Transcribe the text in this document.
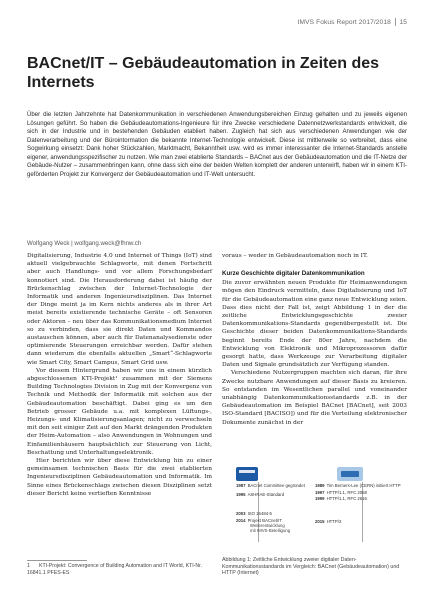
IMVS Fokus Report 2017/2018 15
BACnet/IT – Gebäudeautomation in Zeiten des Internets

Über die letzten Jahrzehnte hat Datenkommunikation in verschiedenen Anwendungsbereichen Einzug gehalten und zu jeweils eigenen Lösungen geführt. So haben die Gebäudeautomations-Ingenieure für ihre Zwecke verschiedene Datennetzwerkstandards entwickelt, die sich in der Industrie und in bestehenden Gebäuden etabliert haben. Zugleich hat sich aus verschiedenen Anwendungen wie der Datenverarbeitung und der Bürointormation die bekannte Internet-Technologie entwickelt. Diese ist mittlerweile so verbreitet, dass eine Sogwirkung einsetzt: Dank hoher Stückzahlen, Marktmacht, Bekanntheit usw. wird es immer interessanter die Internet-Standards anstelle eigener, anwendungsspezifischer zu nutzen. Wie man zwei etablierte Standards – BACnet aus der Gebäudeautomation und die IT-Netze der Gebäude-Nutzer – zusammenbringen kann, ohne dass sich eine der beiden Welten komplett der anderen unterwirft, haben wir in einem KTI-geförderten Projekt zur Konvergenz der Gebäudeautomation und IT-Welt untersucht.

Wolfgang Weck | wolfgang.weck@fhnw.ch

Digitalisierung, Industrie 4.0 und Internet of Things (IoT) sind aktuell vielgebrauchte Schlagworte, mit denen Fortschritt aber auch Handlungs- und vor allem Forschungsbedarf konnotiert sind. Die Herausforderung dabei ist häufig der Brückenschlag zwischen der Internet-Technologie der Informatik und anderen Ingenieursdisziplinen. Das Internet der Dinge meint ja im Kern nichts anderes als in ihrer Art meist bereits existierende technische Geräte – oft Sensoren oder Aktoren – neu über das Kommunikationsmedium Internet so zu verbinden, dass sie direkt Daten und Kommandos austauschen können, aber auch für Datenanalysedienste oder optimierende Steuerungen erreichbar werden. Dafür stehen dann wiederum die ebenfalls aktuellen „Smart“-Schlagworte wie Smart City, Smart Campus, Smart Grid usw.

Vor diesem Hintergrund haben wir uns in einem kürzlich abgeschlossenen KTI-Projekt¹ zusammen mit der Siemens Building Technologies Division in Zug mit der Konvergenz von Technik und Methodik der Informatik mit solchen aus der Gebäudeautomation beschäftigt. Dabei ging es um den Betrieb grosser Gebäude u.a. mit komplexen Lüftungs-, Heizungs- und Klimatisierungsanlagen; nicht zu verwechseln mit den seit einiger Zeit auf den Markt drängenden Produkten der Heim-Automation – also Anwendungen in Wohnungen und Einfamilienhäusern hauptsächlich zur Steuerung von Licht, Beschattung und Unterhaltungselektronik.

Hier berichten wir über diese Entwicklung hin zu einer gemeinsamen technischen Basis für die zwei etablierten Ingenieursdisziplinen Gebäudeautomation und Informatik. Im Sinne eines Brückenschlags zwischen diesen Disziplinen setzt dieser Bericht keine vertieften Kenntnisse

1 KTI-Projekt: Convergence of Building Automation and IT World, KTI-Nr. 16841.1 PFES-ES

voraus – weder in Gebäudeautomation noch in IT.

Kurze Geschichte digitaler Datenkommunikation

Die zuvor erwähnten neuen Produkte für Heimanwendungen mögen den Eindruck vermitteln, dass Digitalisierung und IoT für die Gebäudeautomation eine ganz neue Entwicklung seien. Dass dies nicht der Fall ist, zeigt Abbildung 1 in der die zeitliche Entwicklungsgeschichte zweier Datenkommunikations-Standards gegenübergestellt ist. Die Geschichte dieser beiden Datenkommunikations-Standards beginnt bereits Ende der 80er Jahre, nachdem die Entwicklung von Elektronik und Mikroprozessoren dafür gesorgt hatte, dass Werkzeuge zur Verarbeitung digitaler Daten und Signale grundsätzlich zur Verfügung standen.

Verschiedene Nutzergruppen machten sich daran, für ihre Zwecke nutzbare Anwendungen auf dieser Basis zu kreieren. So entstanden im Wesentlichen parallel und voneinander unabhängig Datenkommunikationsstandards z.B. in der Gebäudeautomation im Beispiel BACnet [BACnet], seit 2003 ISO-Standard [BACISO]) und für die Verteilung elektronischer Dokumente zunächst in der

1987 BACnet Committee gegründet
1995 ASHRAE-Standard
2003 ISO 16484-5
2014 Projekt BACnet/IT
Weiterentwicklung
mit IMVS-Beteiligung
1989 Tim Berners-Lee (CERN) initiiert HTTP
1997 HTTP/1.1, RFC 2068
1999 HTTP/1.1, RFC 2616
2015 HTTP/2
Abbildung 1: Zeitliche Entwicklung zweier digitaler Daten-Kommunikationsstandards im Vergleich: BACnet (Gebäudeautomation) und HTTP (Internet)
